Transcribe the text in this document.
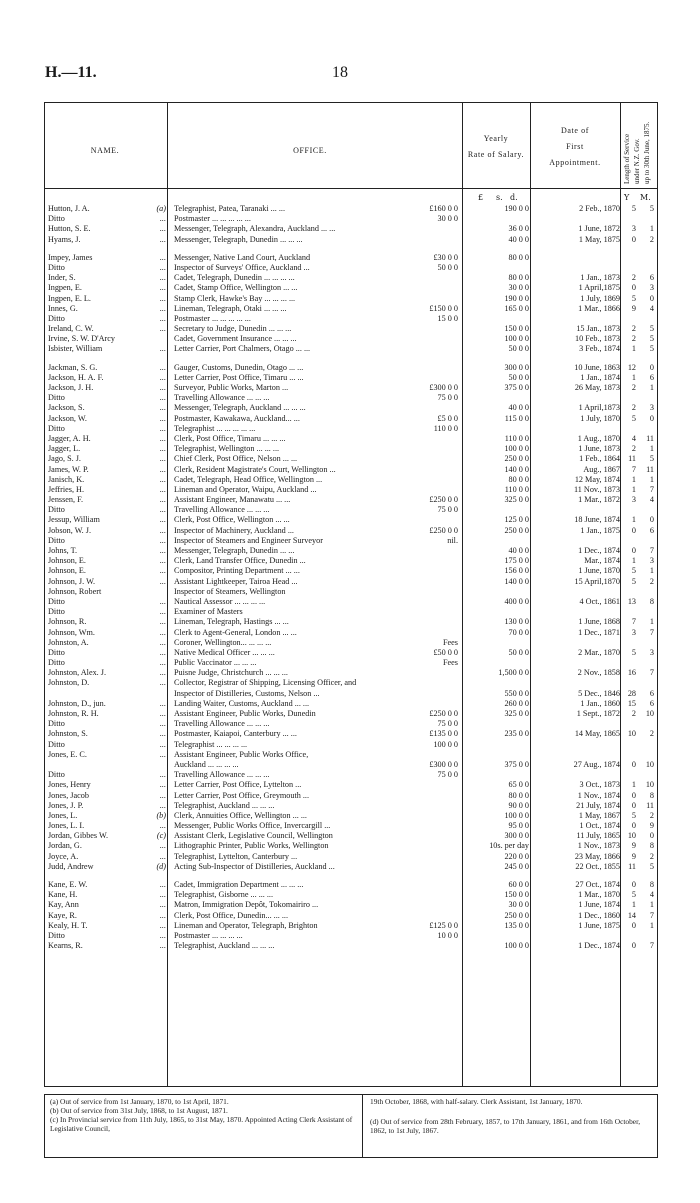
H.—11.	18
NAME.	OFFICE.
Yearly
Rate of Salary.
Date of
First
Appointment.	Length of Service under N.Z. Gov. up to 30th June, 1875.
£ s. d.	Y M.
Hutton, J. A.	(a) Telegraphist, Patea, Taranaki ... ...	£160 0 0	190 0 0	2 Feb., 1870	5	5
Ditto	... Postmaster ... ... ... ... ...	30 0 0
Hutton, S. E.	... Messenger, Telegraph, Alexandra, Auckland ... ...	36 0 0	1 June, 1872	3	1
Hyams, J.	... Messenger, Telegraph, Dunedin ... ... ...	40 0 0	1 May, 1875	0	2
Impey, James	... Messenger, Native Land Court, Auckland	£30 0 0	80 0 0
Ditto	... Inspector of Surveys' Office, Auckland ...	50 0 0
Inder, S.	... Cadet, Telegraph, Dunedin ... ... ... ...	80 0 0	1 Jan., 1873	2	6
Ingpen, E.	... Cadet, Stamp Office, Wellington ... ...	30 0 0	1 April,1875	0	3
Ingpen, E. L.	... Stamp Clerk, Hawke's Bay ... ... ... ...	190 0 0	1 July, 1869	5	0
Innes, G.	... Lineman, Telegraph, Otaki ... ... ...	£150 0 0	165 0 0	1 Mar., 1866	9	4
Ditto	... Postmaster ... ... ... ... ...	15 0 0
Ireland, C. W.	... Secretary to Judge, Dunedin ... ... ...	150 0 0	15 Jan., 1873	2	5
Irvine, S. W. D'Arcy	Cadet, Government Insurance ... ... ...	100 0 0	10 Feb., 1873	2	5
Isbister, William	... Letter Carrier, Port Chalmers, Otago ... ...	50 0 0	3 Feb., 1874	1	5
Jackman, S. G.	... Gauger, Customs, Dunedin, Otago ... ...	300 0 0	10 June, 1863 12	0
Jackson, H. A. F.	... Letter Carrier, Post Office, Timaru ... ...	50 0 0	1 Jan., 1874	1	6
Jackson, J. H.	... Surveyor, Public Works, Marton ...	£300 0 0	375 0 0	26 May, 1873	2	1
Ditto	... Travelling Allowance ... ... ...	75 0 0
Jackson, S.	... Messenger, Telegraph, Auckland ... ... ...	40 0 0	1 April,1873	2	3
Jackson, W.	... Postmaster, Kawakawa, Auckland... ...	£5 0 0	115 0 0	1 July, 1870	5	0
Ditto	... Telegraphist ... ... ... ... ...	110 0 0
Jagger, A. H.	... Clerk, Post Office, Timaru ... ... ...	110 0 0	1 Aug., 1870	4	11
Jagger, L.	... Telegraphist, Wellington ... ... ...	100 0 0	1 June, 1873	2	1
Jago, S. J.	... Chief Clerk, Post Office, Nelson ... ...	250 0 0	1 Feb., 1864 11	5
James, W. P.	... Clerk, Resident Magistrate's Court, Wellington ...	140 0 0	Aug., 1867	7	11
Janisch, K.	... Cadet, Telegraph, Head Office, Wellington ...	80 0 0	12 May, 1874	1	1
Jeffries, H.	... Lineman and Operator, Waipu, Auckland ...	110 0 0	11 Nov., 1873	1	7
Jenssen, F.	... Assistant Engineer, Manawatu ... ...	£250 0 0	325 0 0	1 Mar., 1872	3	4
Ditto	... Travelling Allowance ... ... ...	75 0 0
Jessup, William	... Clerk, Post Office, Wellington ... ...	125 0 0	18 June, 1874	1	0
Jobson, W. J.	... Inspector of Machinery, Auckland ...	£250 0 0	250 0 0	1 Jan., 1875	0	6
Ditto	... Inspector of Steamers and Engineer Surveyor	nil.
Johns, T.	... Messenger, Telegraph, Dunedin ... ...	40 0 0	1 Dec., 1874	0	7
Johnson, E.	... Clerk, Land Transfer Office, Dunedin ...	175 0 0	Mar., 1874	1	3
Johnson, E.	... Compositor, Printing Department ... ...	156 0 0	1 June, 1870	5	1
Johnson, J. W.	... Assistant Lightkeeper, Tairoa Head ...	140 0 0	15 April,1870	5	2
Johnson, Robert	Inspector of Steamers, Wellington
Ditto	... Nautical Assessor ... ... ... ...	400 0 0	4 Oct., 1861 13	8
Ditto	... Examiner of Masters
Johnson, R.	... Lineman, Telegraph, Hastings ... ...	130 0 0	1 June, 1868	7	1
Johnson, Wm.	... Clerk to Agent-General, London ... ...	70 0 0	1 Dec., 1871	3	7
Johnston, A.	... Coroner, Wellington... ... ... ...	Fees
Ditto	... Native Medical Officer ... ... ...	£50 0 0	50 0 0	2 Mar., 1870	5	3
Ditto	... Public Vaccinator ... ... ...	Fees
Johnston, Alex. J.	... Puisne Judge, Christchurch ... ... ...	1,500 0 0	2 Nov., 1858 16	7
Johnston, D.	... Collector, Registrar of Shipping, Licensing Officer, and
Inspector of Distilleries, Customs, Nelson ...	550 0 0	5 Dec., 1846 28	6
Johnston, D., jun.	... Landing Waiter, Customs, Auckland ... ...	260 0 0	1 Jan., 1860 15	6
Johnston, R. H.	... Assistant Engineer, Public Works, Dunedin	£250 0 0	325 0 0	1 Sept., 1872	2	10
Ditto	... Travelling Allowance ... ... ...	75 0 0
Johnston, S.	... Postmaster, Kaiapoi, Canterbury ... ...	£135 0 0	235 0 0	14 May, 1865 10	2
Ditto	... Telegraphist ... ... ... ...	100 0 0
Jones, E. C.	... Assistant Engineer, Public Works Office,
Auckland ... ... ... ...	£300 0 0	375 0 0	27 Aug., 1874	0	10
Ditto	... Travelling Allowance ... ... ...	75 0 0
Jones, Henry	... Letter Carrier, Post Office, Lyttelton ...	65 0 0	3 Oct., 1873	1	10
Jones, Jacob	... Letter Carrier, Post Office, Greymouth ...	80 0 0	1 Nov., 1874	0	8
Jones, J. P.	... Telegraphist, Auckland ... ... ...	90 0 0	21 July, 1874	0	11
Jones, L.	(b) Clerk, Annuities Office, Wellington ... ...	100 0 0	1 May, 1867	5	2
Jones, L. I.	... Messenger, Public Works Office, Invercargill ...	95 0 0	1 Oct., 1874	0	9
Jordan, Gibbes W.	(c) Assistant Clerk, Legislative Council, Wellington	300 0 0	11 July, 1865 10	0
Jordan, G.	... Lithographic Printer, Public Works, Wellington	10s. per day	1 Nov., 1873	9	8
Joyce, A.	... Telegraphist, Lyttelton, Canterbury ...	220 0 0	23 May, 1866	9	2
Judd, Andrew	(d) Acting Sub-Inspector of Distilleries, Auckland ...	245 0 0	22 Oct., 1855 11	5
Kane, E. W.	... Cadet, Immigration Department ... ... ...	60 0 0	27 Oct., 1874	0	8
Kane, H.	... Telegraphist, Gisborne ... ... ...	150 0 0	1 Mar., 1870	5	4
Kay, Ann	... Matron, Immigration Depôt, Tokomairiro ...	30 0 0	1 June, 1874	1	1
Kaye, R.	... Clerk, Post Office, Dunedin... ... ...	250 0 0	1 Dec., 1860 14	7
Kealy, H. T.	... Lineman and Operator, Telegraph, Brighton	£125 0 0	135 0 0	1 June, 1875	0	1
Ditto	... Postmaster ... ... ... ...	10 0 0
Kearns, R.	... Telegraphist, Auckland ... ... ...	100 0 0	1 Dec., 1874	0	7
(a) Out of service from 1st January, 1870, to 1st April, 1871.
(b) Out of service from 31st July, 1868, to 1st August, 1871.
(c) In Provincial service from 11th July, 1865, to 31st May, 1870. Appointed Acting Clerk Assistant of Legislative Council,
19th October, 1868, with half-salary. Clerk Assistant, 1st January, 1870.
(d) Out of service from 28th February, 1857, to 17th January, 1861, and from 16th October, 1862, to 1st July, 1867.
